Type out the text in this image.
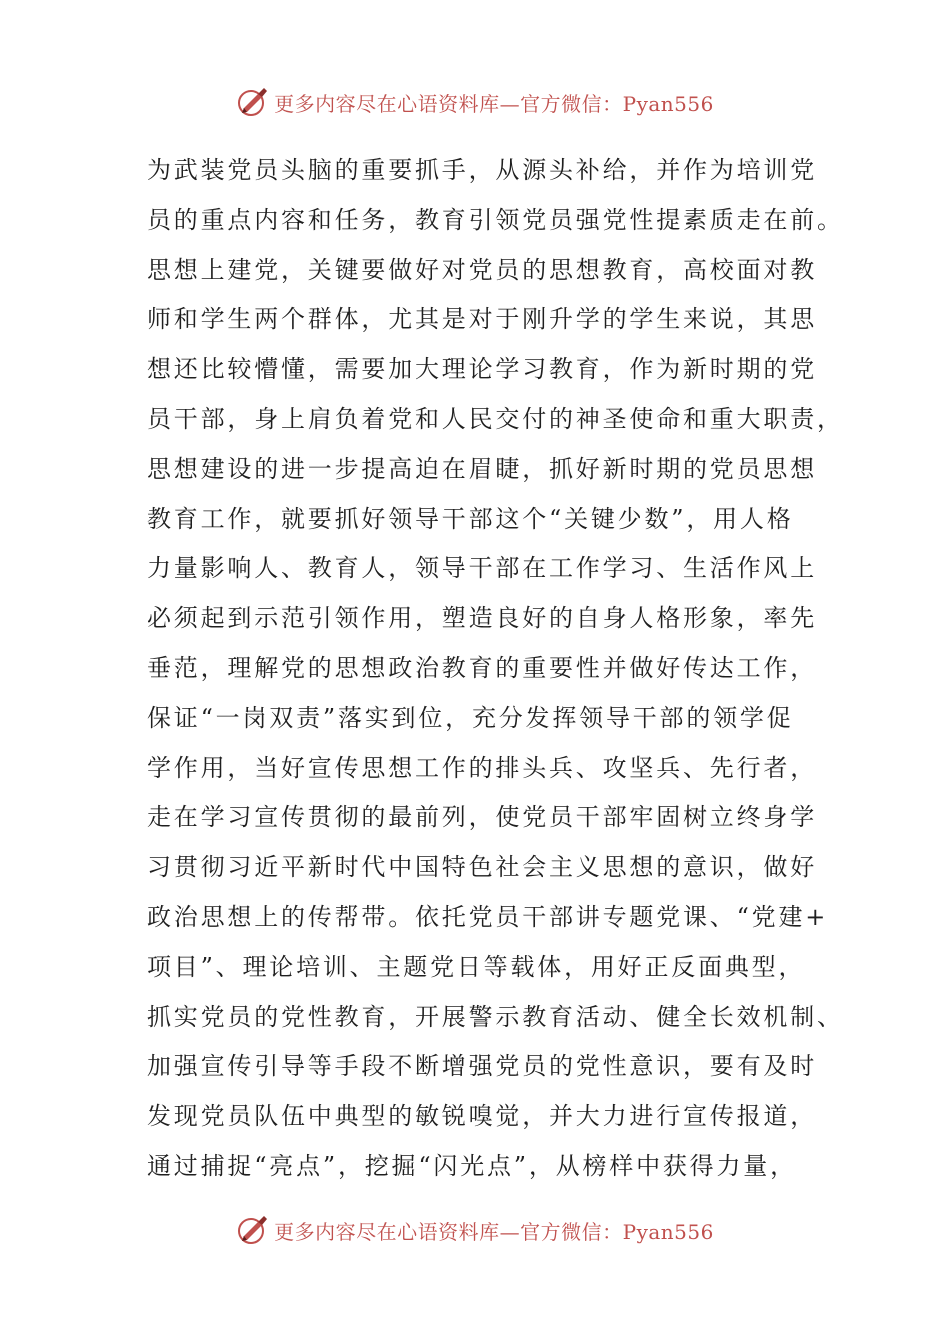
更多内容尽在心语资料库—官方微信：Pyan556
为武装党员头脑的重要抓手，从源头补给，并作为培训党
员的重点内容和任务，教育引领党员强党性提素质走在前。
思想上建党，关键要做好对党员的思想教育，高校面对教
师和学生两个群体，尤其是对于刚升学的学生来说，其思
想还比较懵懂，需要加大理论学习教育，作为新时期的党
员干部，身上肩负着党和人民交付的神圣使命和重大职责，
思想建设的进一步提高迫在眉睫，抓好新时期的党员思想
教育工作，就要抓好领导干部这个“关键少数”，用人格
力量影响人、教育人，领导干部在工作学习、生活作风上
必须起到示范引领作用，塑造良好的自身人格形象，率先
垂范，理解党的思想政治教育的重要性并做好传达工作，
保证“一岗双责”落实到位，充分发挥领导干部的领学促
学作用，当好宣传思想工作的排头兵、攻坚兵、先行者，
走在学习宣传贯彻的最前列，使党员干部牢固树立终身学
习贯彻习近平新时代中国特色社会主义思想的意识，做好
政治思想上的传帮带。依托党员干部讲专题党课、“党建+
项目”、理论培训、主题党日等载体，用好正反面典型，
抓实党员的党性教育，开展警示教育活动、健全长效机制、
加强宣传引导等手段不断增强党员的党性意识，要有及时
发现党员队伍中典型的敏锐嗅觉，并大力进行宣传报道，
通过捕捉“亮点”，挖掘“闪光点”，从榜样中获得力量，
更多内容尽在心语资料库—官方微信：Pyan556
